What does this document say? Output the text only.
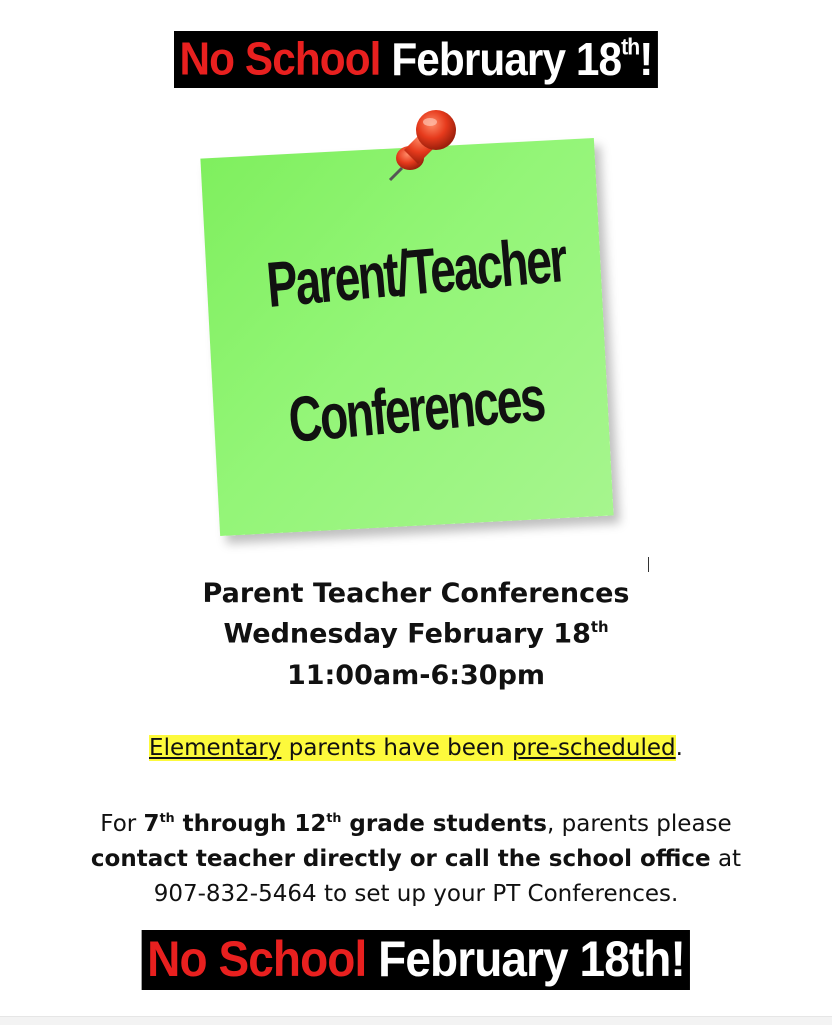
No School February 18th!
Parent/Teacher
Conferences
Parent Teacher Conferences
Wednesday February 18th
11:00am-6:30pm
Elementary parents have been pre-scheduled.
For 7th through 12th grade students, parents please
contact teacher directly or call the school office at
907-832-5464 to set up your PT Conferences.
No School February 18th!
